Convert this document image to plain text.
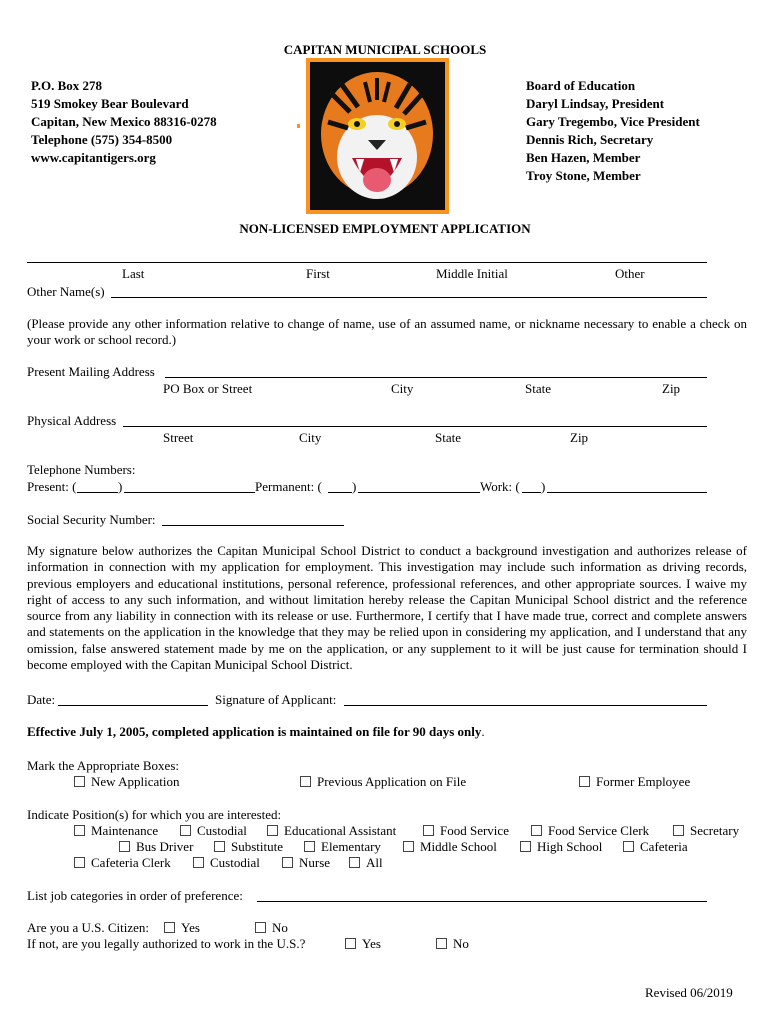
CAPITAN MUNICIPAL SCHOOLS
P.O. Box 278
519 Smokey Bear Boulevard
Capitan, New Mexico 88316-0278
Telephone (575) 354-8500
www.capitantigers.org
Board of Education
Daryl Lindsay, President
Gary Tregembo, Vice President
Dennis Rich, Secretary
Ben Hazen, Member
Troy Stone, Member
NON-LICENSED EMPLOYMENT APPLICATION
Last	First	Middle Initial	Other
Other Name(s)
(Please provide any other information relative to change of name, use of an assumed name, or nickname necessary to enable a check on your work or school record.)
Present Mailing Address
PO Box or Street	City	State	Zip
Physical Address
Street	City	State	Zip
Telephone Numbers:
Present: (	)	Permanent: ( )	Work: ( )
Social Security Number:
My signature below authorizes the Capitan Municipal School District to conduct a background investigation and authorizes release of information in connection with my application for employment. This investigation may include such information as driving records, previous employers and educational institutions, personal reference, professional references, and other appropriate sources. I waive my right of access to any such information, and without limitation hereby release the Capitan Municipal School district and the reference source from any liability in connection with its release or use. Furthermore, I certify that I have made true, correct and complete answers and statements on the application in the knowledge that they may be relied upon in considering my application, and I understand that any omission, false answered statement made by me on the application, or any supplement to it will be just cause for termination should I become employed with the Capitan Municipal School District.
Date:	Signature of Applicant:
Effective July 1, 2005, completed application is maintained on file for 90 days only.
Mark the Appropriate Boxes:
New Application	Previous Application on File	Former Employee
Indicate Position(s) for which you are interested:
Maintenance	Custodial	Educational Assistant	Food Service	Food Service Clerk	Secretary
Bus Driver	Substitute	Elementary	Middle School	High School	Cafeteria
Cafeteria Clerk	Custodial	Nurse	All
List job categories in order of preference:
Are you a U.S. Citizen:	Yes	No
If not, are you legally authorized to work in the U.S.?	Yes	No
Revised 06/2019
